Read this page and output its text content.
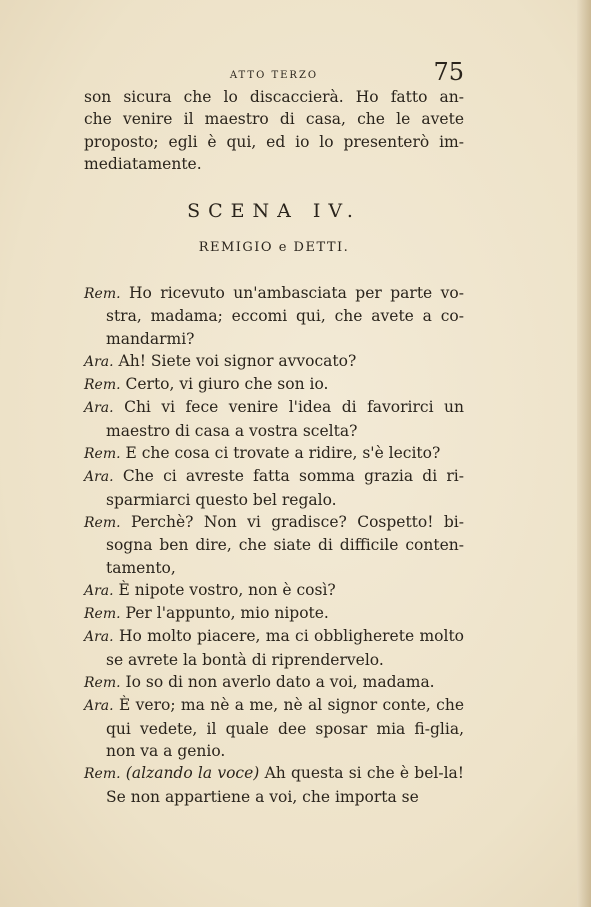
ATTO TERZO	75
son sicura che lo discaccierà. Ho fatto an-
che venire il maestro di casa, che le avete
proposto; egli è qui, ed io lo presenterò im-
mediatamente.
SCENA IV.
REMIGIO e DETTI.

Rem. Ho ricevuto un'ambasciata per parte vo-stra, madama; eccomi qui, che avete a co-mandarmi?

Ara. Ah! Siete voi signor avvocato?

Rem. Certo, vi giuro che son io.

Ara. Chi vi fece venire l'idea di favorirci un maestro di casa a vostra scelta?

Rem. E che cosa ci trovate a ridire, s'è lecito?

Ara. Che ci avreste fatta somma grazia di ri-sparmiarci questo bel regalo.

Rem. Perchè? Non vi gradisce? Cospetto! bi-sogna ben dire, che siate di difficile conten-tamento,

Ara. È nipote vostro, non è così?

Rem. Per l'appunto, mio nipote.

Ara. Ho molto piacere, ma ci obbligherete molto se avrete la bontà di riprendervelo.

Rem. Io so di non averlo dato a voi, madama.

Ara. È vero; ma nè a me, nè al signor conte, che qui vedete, il quale dee sposar mia fi-glia, non va a genio.

Rem. (alzando la voce) Ah questa si che è bel-la! Se non appartiene a voi, che importa se
